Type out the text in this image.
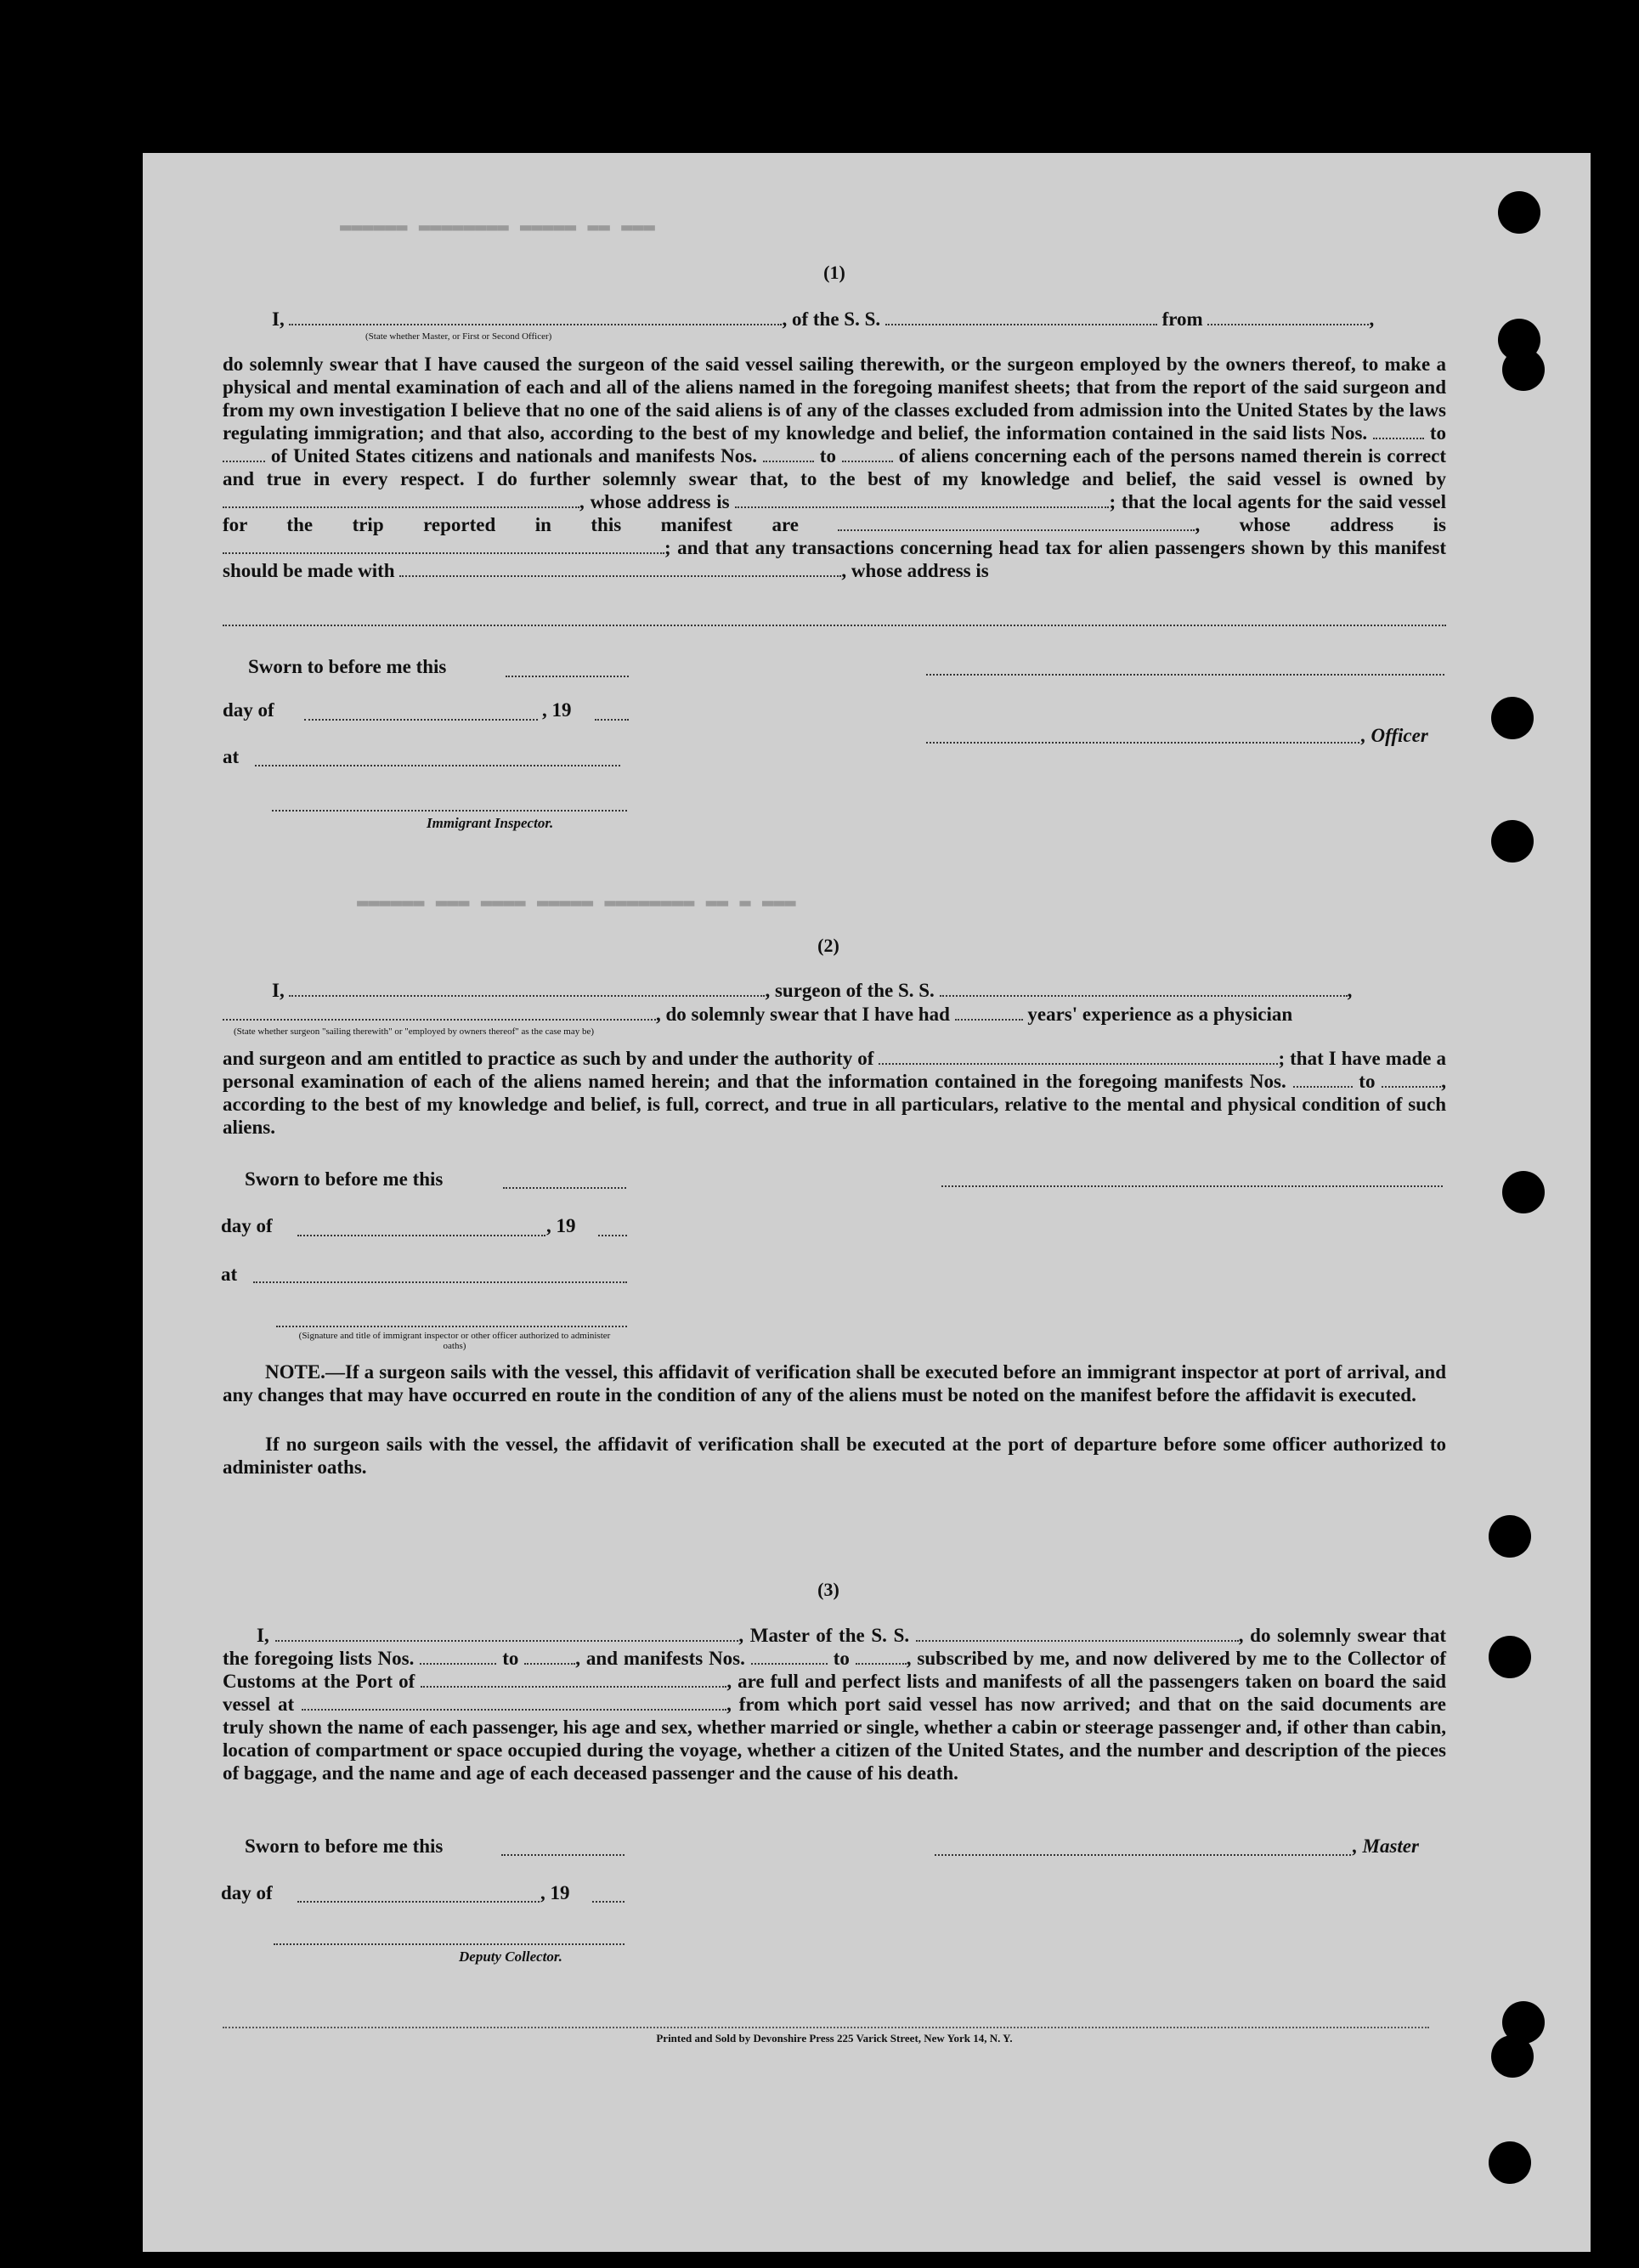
▬▬▬ ▬▬ ▬▬▬▬▬ ▬▬▬▬▬▬▬▬ ▬▬▬▬▬▬
▬▬▬ ▬ ▬▬ ▬▬▬▬▬▬▬▬ ▬▬▬▬▬ ▬▬▬▬ ▬▬▬ ▬▬▬▬▬▬
(1)
I,	, of the S. S.	from	,
(State whether Master, or First or Second Officer)
do solemnly swear that I have caused the surgeon of the said vessel sailing therewith, or the surgeon employed by the owners thereof, to make a physical and mental examination of each and all of the aliens named in the foregoing manifest sheets; that from the report of the said surgeon and from my own investigation I believe that no one of the said aliens is of any of the classes excluded from admission into the United States by the laws regulating immigration; and that also, according to the best of my knowledge and belief, the information contained in the said lists Nos.	to  of United States citizens and nationals and manifests Nos.	to	of aliens concerning each of the persons named therein is correct and true in every respect. I do further solemnly swear that, to the best of my knowledge and belief, the said vessel is owned by , whose address is	; that the local agents for the said vessel for the trip reported in this manifest are	, whose address is ; and that any transactions concerning head tax for alien passengers shown by this manifest should be made with	, whose address is
Sworn to before me this
day of	, 19
, Officer
at
Immigrant Inspector.
(2)
I,	, surgeon of the S. S.	,
, do solemnly swear that I have had	years' experience as a physician
(State whether surgeon "sailing therewith" or "employed by owners thereof" as the case may be)
and surgeon and am entitled to practice as such by and under the authority of	; that I have made a personal examination of each of the aliens named herein; and that the information contained in the foregoing manifests Nos.	to	, according to the best of my knowledge and belief, is full, correct, and true in all particulars, relative to the mental and physical condition of such aliens.
Sworn to before me this
day of	, 19
at
(Signature and title of immigrant inspector or other officer authorized to administer oaths)
NOTE.—If a surgeon sails with the vessel, this affidavit of verification shall be executed before an immigrant inspector at port of arrival, and any changes that may have occurred en route in the condition of any of the aliens must be noted on the manifest before the affidavit is executed.
If no surgeon sails with the vessel, the affidavit of verification shall be executed at the port of departure before some officer authorized to administer oaths.
(3)
I,	, Master of the S. S.	, do solemnly swear that the foregoing lists Nos.	to	, and manifests Nos.	to	, subscribed by me, and now delivered by me to the Collector of Customs at the Port of	, are full and perfect lists and manifests of all the passengers taken on board the said vessel at	, from which port said vessel has now arrived; and that on the said documents are truly shown the name of each passenger, his age and sex, whether married or single, whether a cabin or steerage passenger and, if other than cabin, location of compartment or space occupied during the voyage, whether a citizen of the United States, and the number and description of the pieces of baggage, and the name and age of each deceased passenger and the cause of his death.
Sworn to before me this	, Master
day of	, 19
Deputy Collector.
Printed and Sold by Devonshire Press 225 Varick Street, New York 14, N. Y.
